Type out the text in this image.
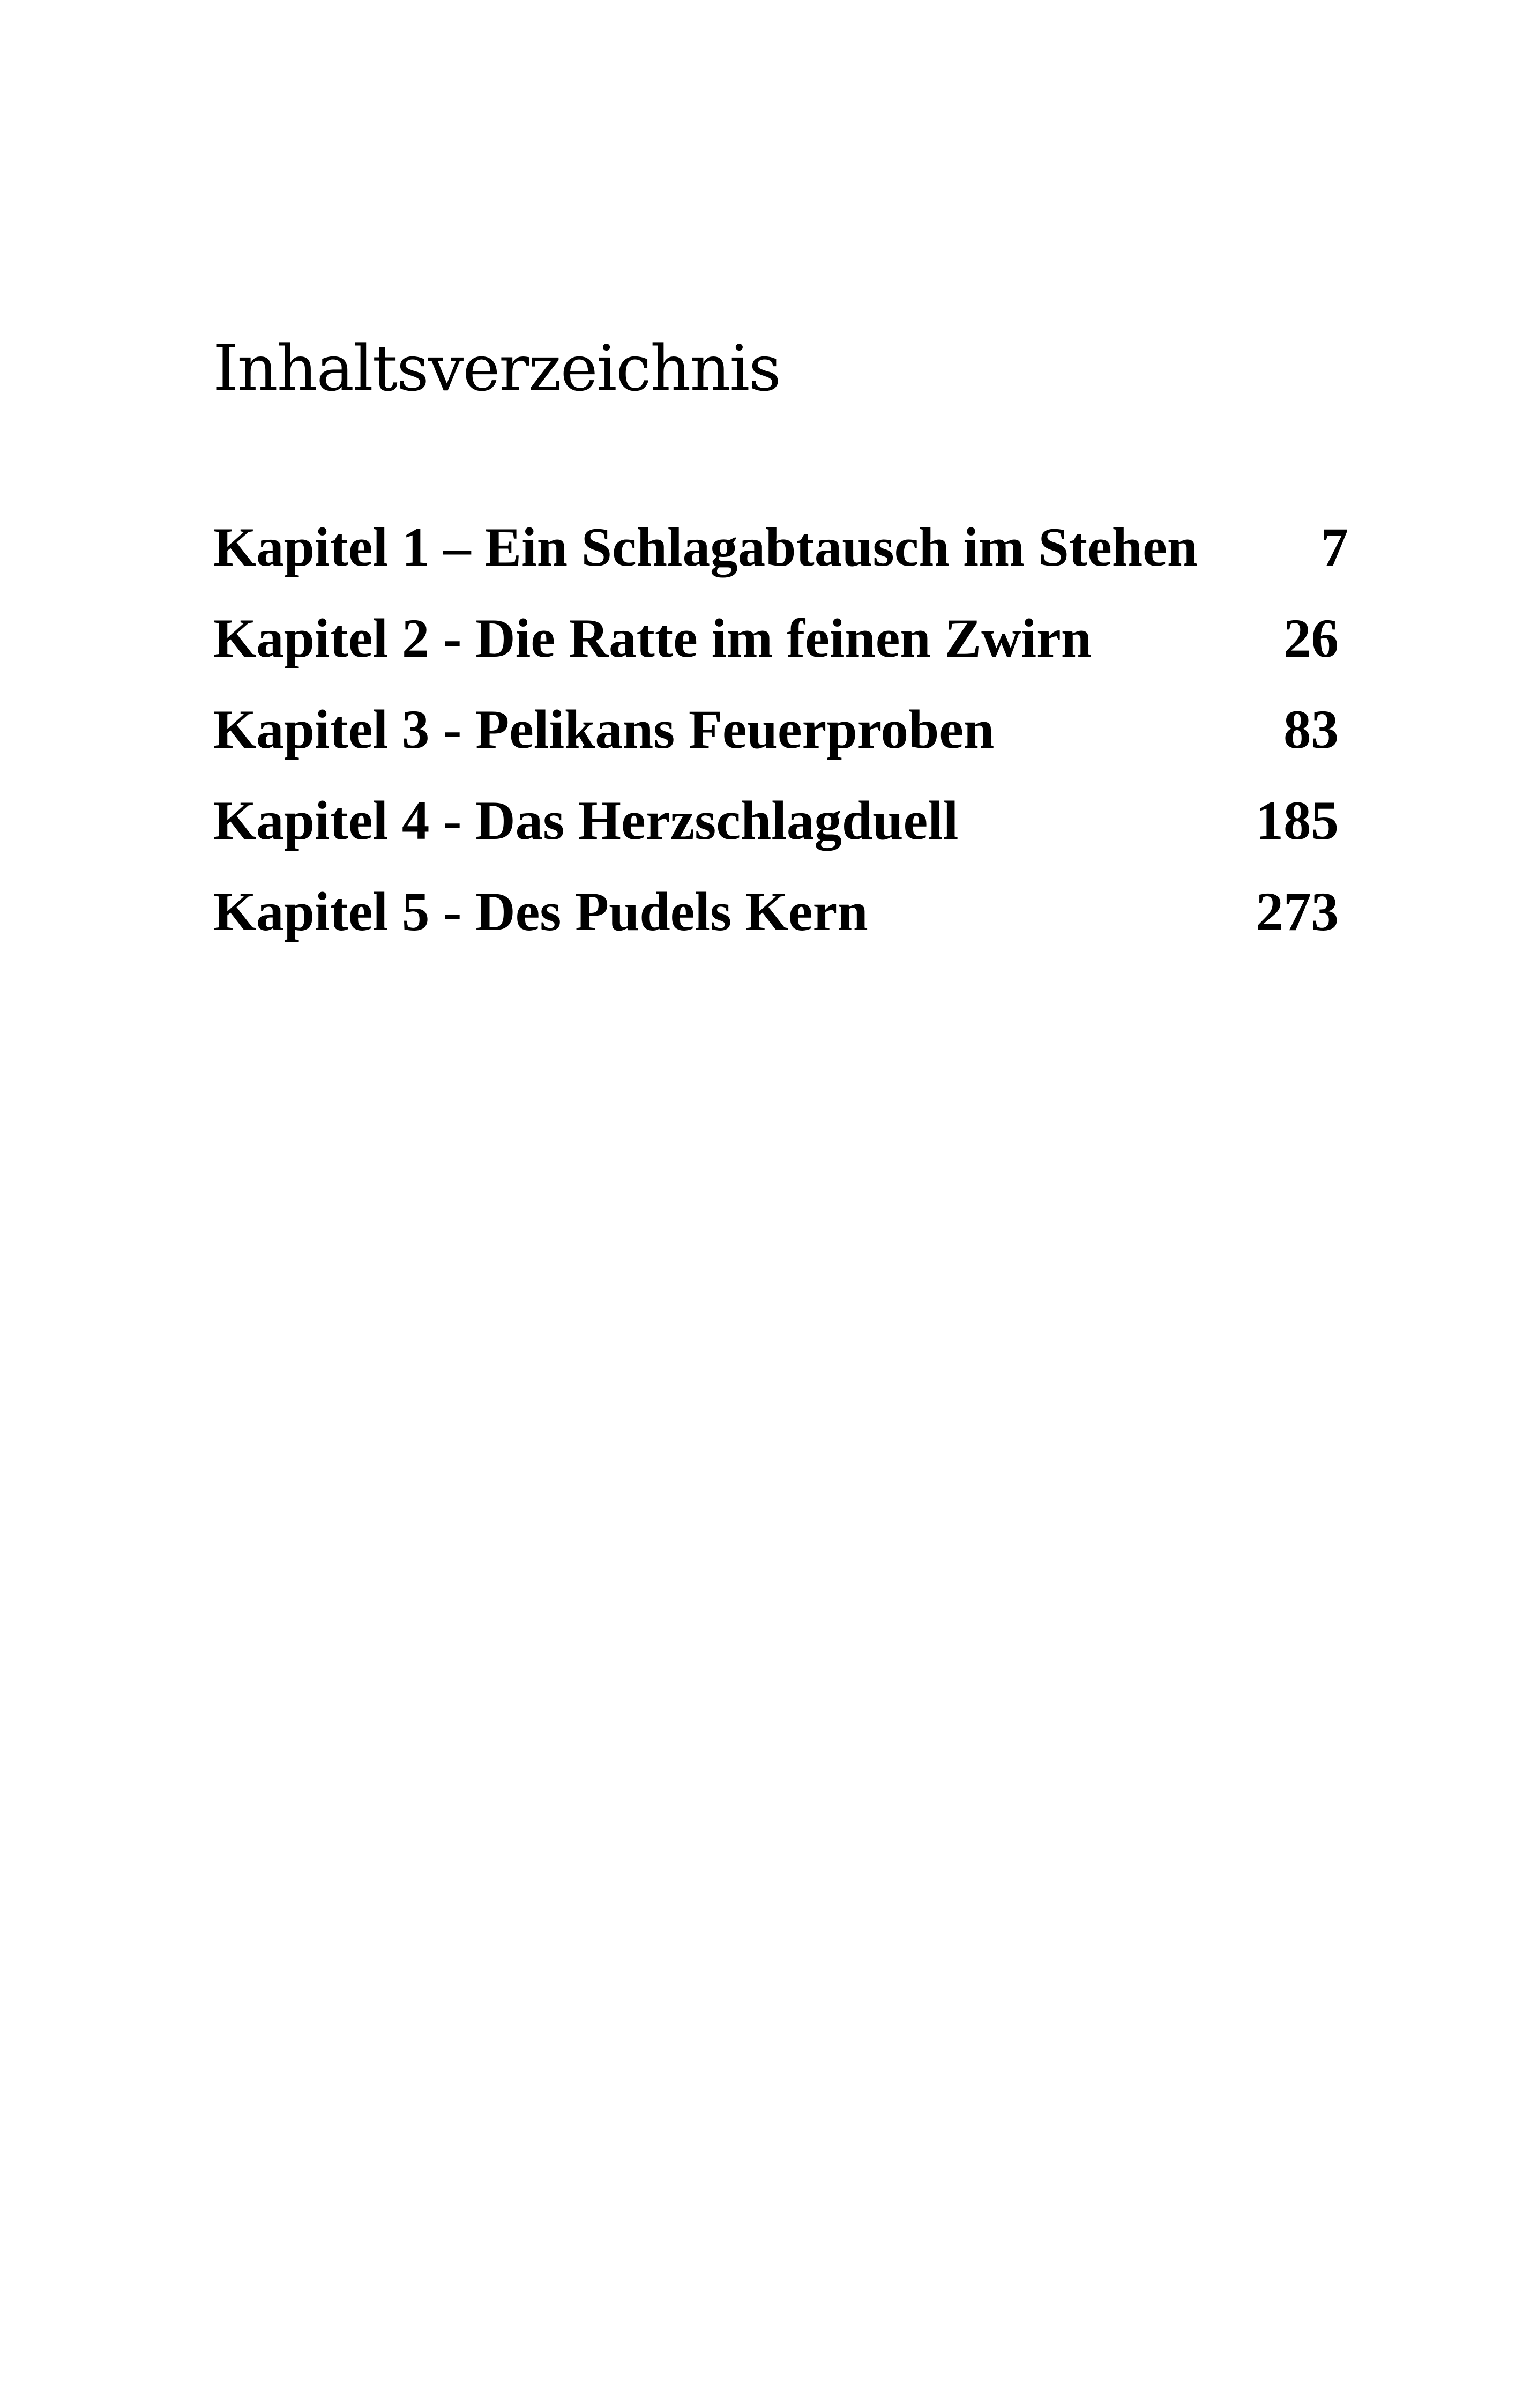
Inhaltsverzeichnis
Kapitel 1 – Ein Schlagabtausch im Stehen 7
Kapitel 2 - Die Ratte im feinen Zwirn	26
Kapitel 3 - Pelikans Feuerproben	83
Kapitel 4 - Das Herzschlagduell	185
Kapitel 5 - Des Pudels Kern	273
